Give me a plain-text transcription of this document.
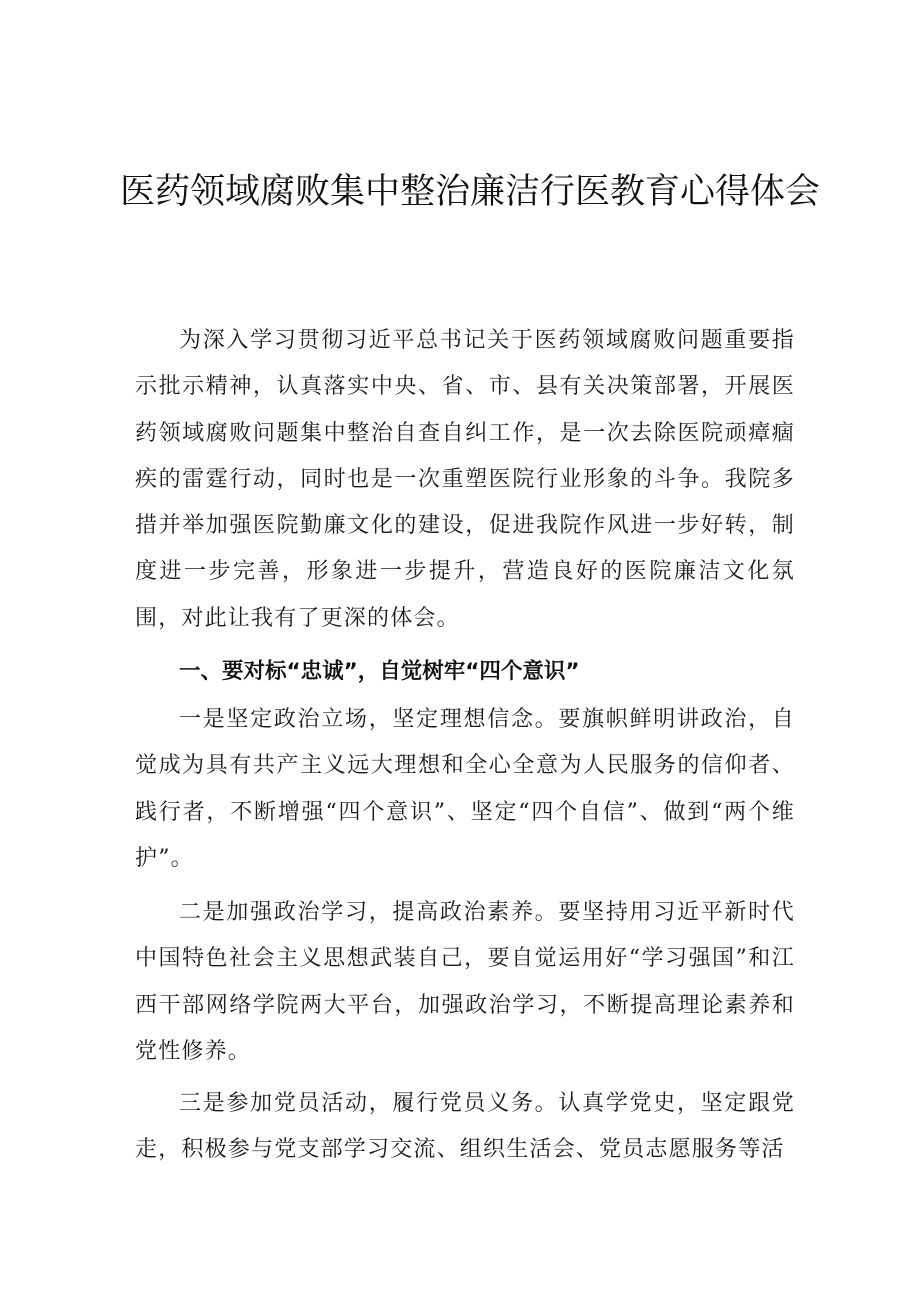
医药领域腐败集中整治廉洁行医教育心得体会

为深入学习贯彻习近平总书记关于医药领域腐败问题重要指示批示精神，认真落实中央、省、市、县有关决策部署，开展医药领域腐败问题集中整治自查自纠工作，是一次去除医院顽瘴痼疾的雷霆行动，同时也是一次重塑医院行业形象的斗争。我院多措并举加强医院勤廉文化的建设，促进我院作风进一步好转，制度进一步完善，形象进一步提升，营造良好的医院廉洁文化氛围，对此让我有了更深的体会。

一、要对标“忠诚”，自觉树牢“四个意识”

一是坚定政治立场，坚定理想信念。要旗帜鲜明讲政治，自觉成为具有共产主义远大理想和全心全意为人民服务的信仰者、践行者，不断增强“四个意识”、坚定“四个自信”、做到“两个维护”。

二是加强政治学习，提高政治素养。要坚持用习近平新时代中国特色社会主义思想武装自己，要自觉运用好“学习强国”和江西干部网络学院两大平台，加强政治学习，不断提高理论素养和党性修养。

三是参加党员活动，履行党员义务。认真学党史，坚定跟党走，积极参与党支部学习交流、组织生活会、党员志愿服务等活
